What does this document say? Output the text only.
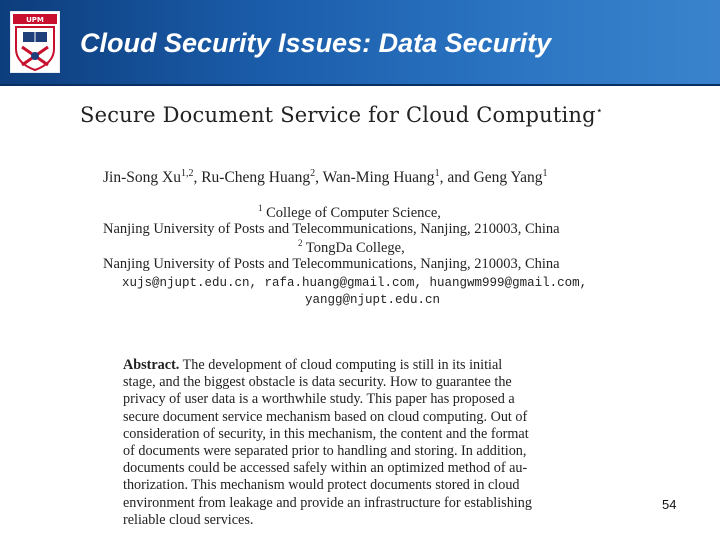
UPM
Cloud Security Issues: Data Security
Secure Document Service for Cloud Computing⋆
Jin-Song Xu$^{1,2}$, Ru-Cheng Huang$^2$, Wan-Ming Huang$^1$, and Geng Yang$^1$
$^1$ College of Computer Science,
Nanjing University of Posts and Telecommunications, Nanjing, 210003, China
$^2$ TongDa College,
Nanjing University of Posts and Telecommunications, Nanjing, 210003, China
xujs@njupt.edu.cn, rafa.huang@gmail.com, huangwm999@gmail.com,
yangg@njupt.edu.cn
Abstract. The development of cloud computing is still in its initial
stage, and the biggest obstacle is data security. How to guarantee the
privacy of user data is a worthwhile study. This paper has proposed a
secure document service mechanism based on cloud computing. Out of
consideration of security, in this mechanism, the content and the format
of documents were separated prior to handling and storing. In addition,
documents could be accessed safely within an optimized method of au-
thorization. This mechanism would protect documents stored in cloud
environment from leakage and provide an infrastructure for establishing
reliable cloud services.
54
